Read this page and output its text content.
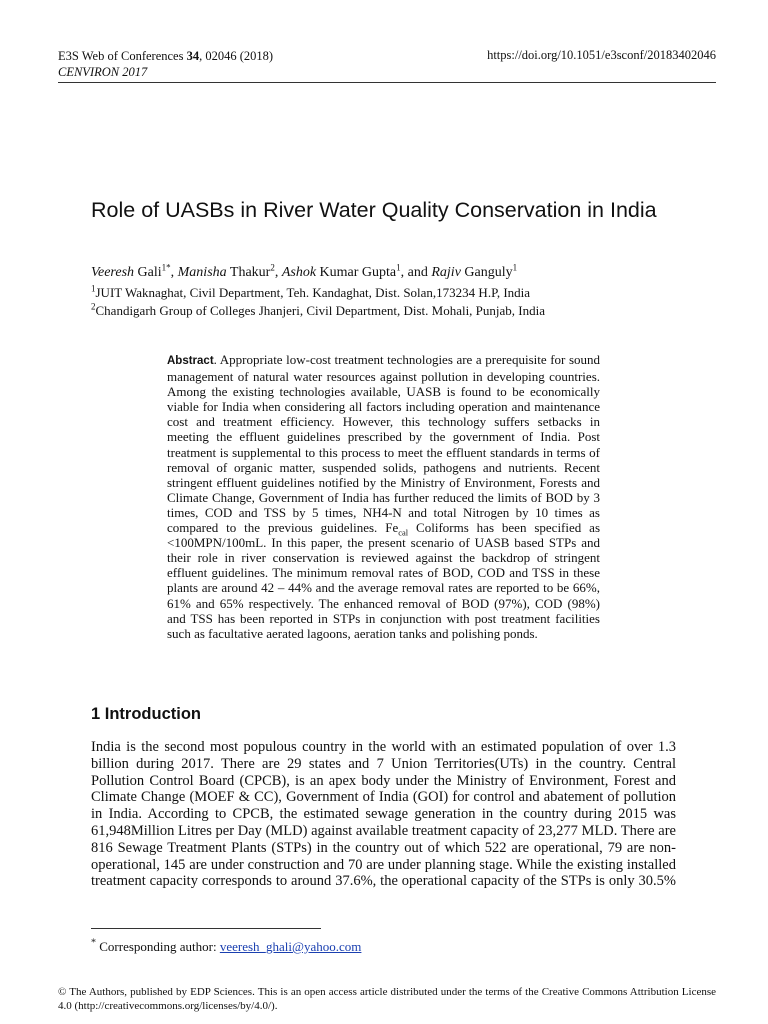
E3S Web of Conferences 34, 02046 (2018)
CENVIRON 2017
https://doi.org/10.1051/e3sconf/20183402046
Role of UASBs in River Water Quality Conservation in India
Veeresh Gali$^{1*}$, Manisha Thakur$^2$, Ashok Kumar Gupta$^1$, and Rajiv Ganguly$^1$
$^1$JUIT Waknaghat, Civil Department, Teh. Kandaghat, Dist. Solan,173234 H.P, India
$^2$Chandigarh Group of Colleges Jhanjeri, Civil Department, Dist. Mohali, Punjab, India

Abstract. Appropriate low-cost treatment technologies are a prerequisite for sound management of natural water resources against pollution in developing countries. Among the existing technologies available, UASB is found to be economically viable for India when considering all factors including operation and maintenance cost and treatment efficiency. However, this technology suffers setbacks in meeting the effluent guidelines prescribed by the government of India. Post treatment is supplemental to this process to meet the effluent standards in terms of removal of organic matter, suspended solids, pathogens and nutrients. Recent stringent effluent guidelines notified by the Ministry of Environment, Forests and Climate Change, Government of India has further reduced the limits of BOD by 3 times, COD and TSS by 5 times, NH4-N and total Nitrogen by 10 times as compared to the previous guidelines. $Fe_{cal}$ Coliforms has been specified as <100MPN/100mL. In this paper, the present scenario of UASB based STPs and their role in river conservation is reviewed against the backdrop of stringent effluent guidelines. The minimum removal rates of BOD, COD and TSS in these plants are around 42 – 44% and the average removal rates are reported to be 66%, 61% and 65% respectively. The enhanced removal of BOD (97%), COD (98%) and TSS has been reported in STPs in conjunction with post treatment facilities such as facultative aerated lagoons, aeration tanks and polishing ponds.

1 Introduction

India is the second most populous country in the world with an estimated population of over 1.3 billion during 2017. There are 29 states and 7 Union Territories(UTs) in the country. Central Pollution Control Board (CPCB), is an apex body under the Ministry of Environment, Forest and Climate Change (MOEF & CC), Government of India (GOI) for control and abatement of pollution in India. According to CPCB, the estimated sewage generation in the country during 2015 was 61,948Million Litres per Day (MLD) against available treatment capacity of 23,277 MLD. There are 816 Sewage Treatment Plants (STPs) in the country out of which 522 are operational, 79 are non-operational, 145 are under construction and 70 are under planning stage. While the existing installed treatment capacity corresponds to around 37.6%, the operational capacity of the STPs is only 30.5%

* Corresponding author: veeresh_ghali@yahoo.com

© The Authors, published by EDP Sciences. This is an open access article distributed under the terms of the Creative Commons Attribution License 4.0 (http://creativecommons.org/licenses/by/4.0/).
